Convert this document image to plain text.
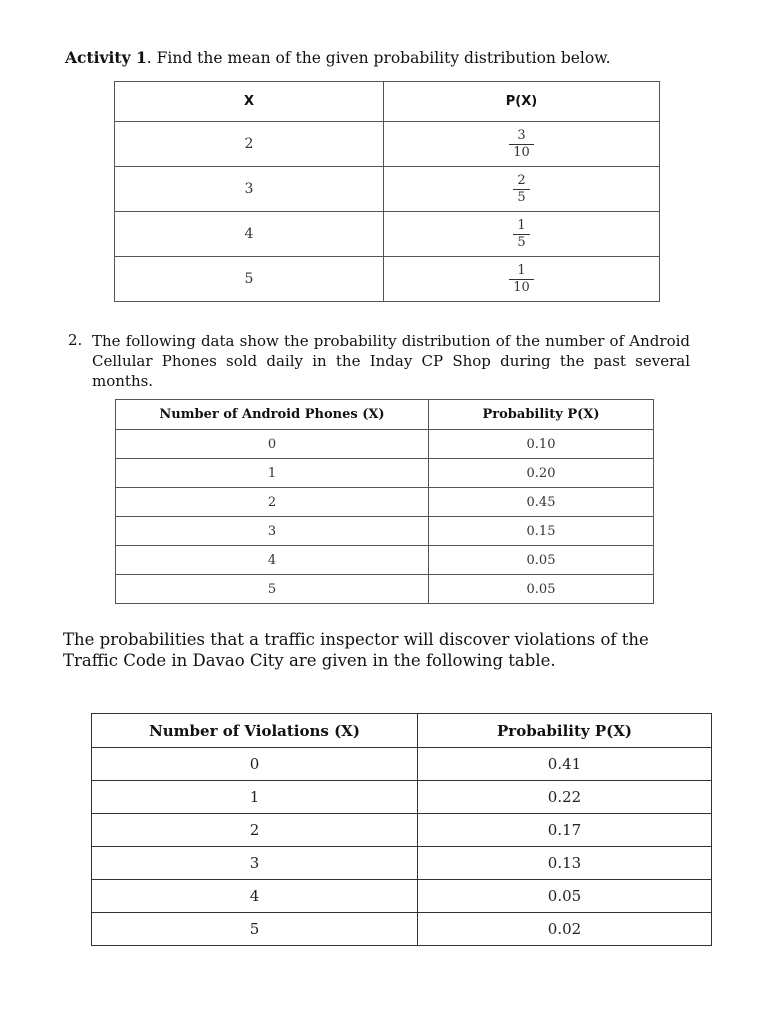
Activity 1. Find the mean of the given probability distribution below.
X	P(X)
2	$\frac{3}{10}$

3	$\frac{2}{5}$

4	$\frac{1}{5}$

5	$\frac{1}{10}$
2. The following data show the probability distribution of the number of Android Cellular Phones sold daily in the Inday CP Shop during the past several months.
Number of Android Phones (X)	Probability P(X)
0	0.10
1	0.20
2	0.45
3	0.15
4	0.05
5	0.05
The probabilities that a traffic inspector will discover violations of the Traffic Code in Davao City are given in the following table.
Number of Violations (X)	Probability P(X)
0	0.41
1	0.22
2	0.17
3	0.13
4	0.05
5	0.02
